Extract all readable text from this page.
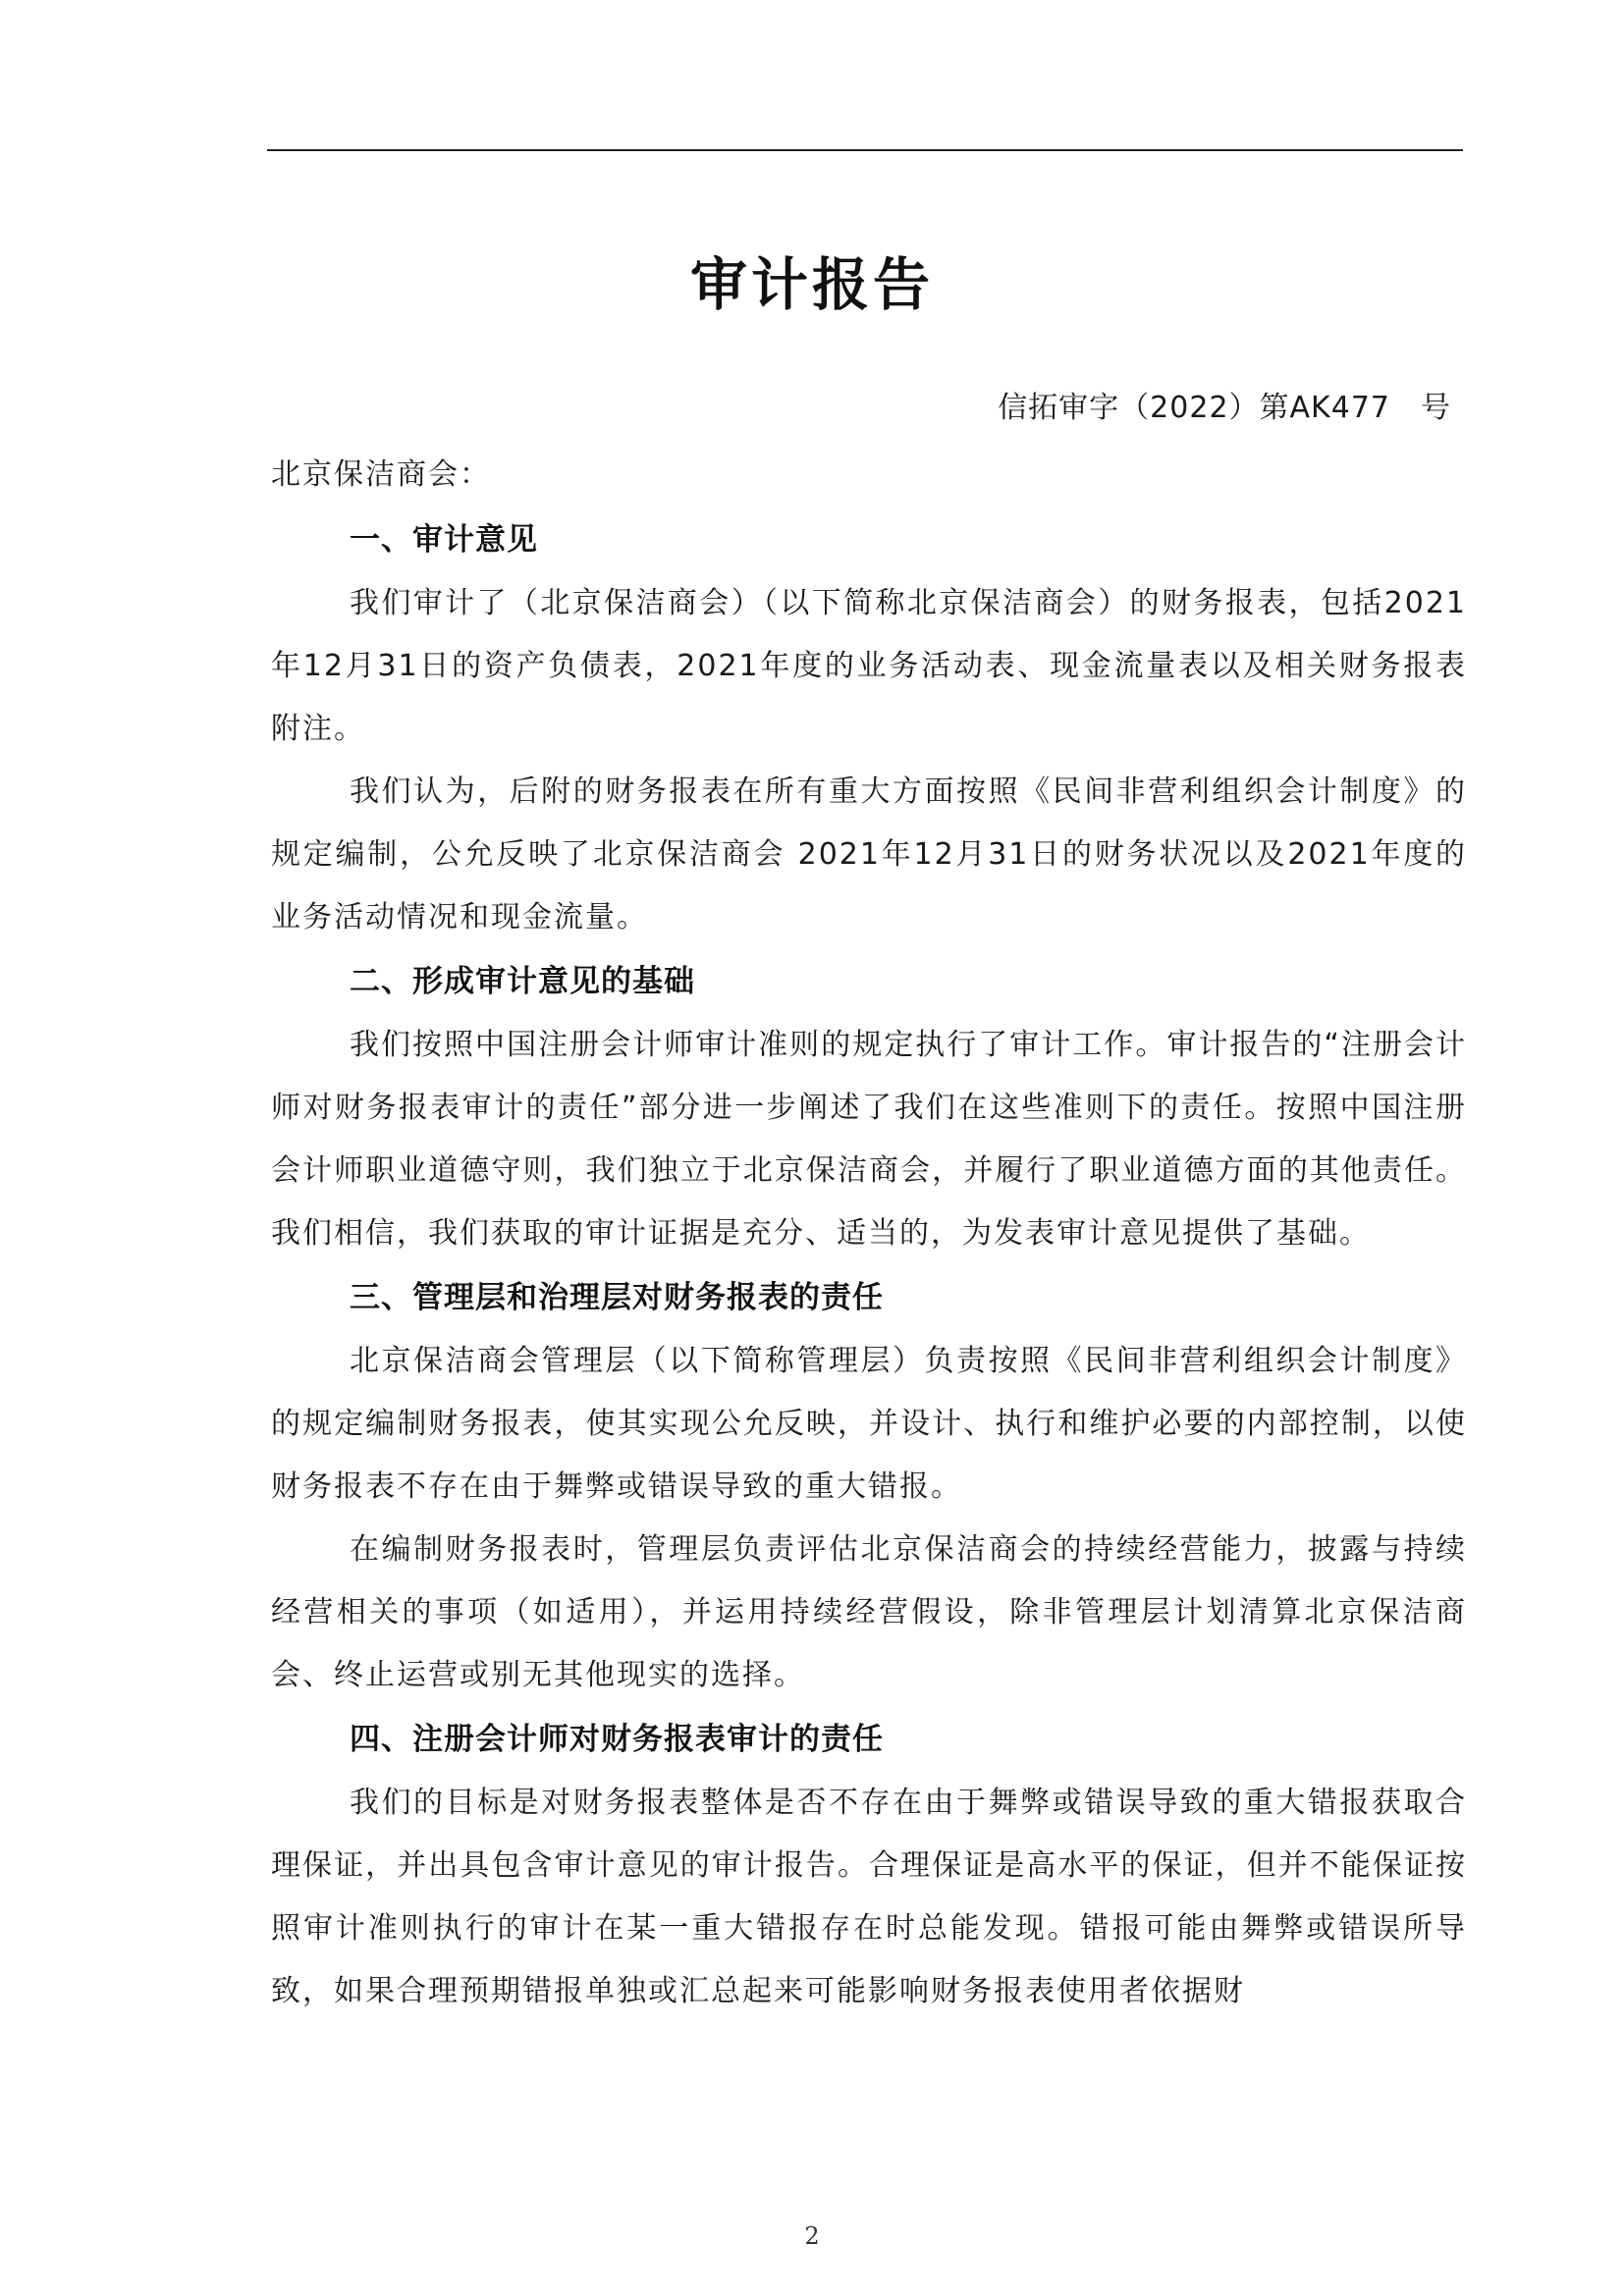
审计报告
信拓审字（2022）第AK477　号
北京保洁商会：

一、审计意见

我们审计了（北京保洁商会）（以下简称北京保洁商会）的财务报表，包括2021年12月31日的资产负债表，2021年度的业务活动表、现金流量表以及相关财务报表附注。

我们认为，后附的财务报表在所有重大方面按照《民间非营利组织会计制度》的规定编制，公允反映了北京保洁商会 2021年12月31日的财务状况以及2021年度的业务活动情况和现金流量。

二、形成审计意见的基础

我们按照中国注册会计师审计准则的规定执行了审计工作。审计报告的“注册会计师对财务报表审计的责任”部分进一步阐述了我们在这些准则下的责任。按照中国注册会计师职业道德守则，我们独立于北京保洁商会，并履行了职业道德方面的其他责任。我们相信，我们获取的审计证据是充分、适当的，为发表审计意见提供了基础。

三、管理层和治理层对财务报表的责任

北京保洁商会管理层（以下简称管理层）负责按照《民间非营利组织会计制度》的规定编制财务报表，使其实现公允反映，并设计、执行和维护必要的内部控制，以使财务报表不存在由于舞弊或错误导致的重大错报。

在编制财务报表时，管理层负责评估北京保洁商会的持续经营能力，披露与持续经营相关的事项（如适用），并运用持续经营假设，除非管理层计划清算北京保洁商会、终止运营或别无其他现实的选择。

四、注册会计师对财务报表审计的责任

我们的目标是对财务报表整体是否不存在由于舞弊或错误导致的重大错报获取合理保证，并出具包含审计意见的审计报告。合理保证是高水平的保证，但并不能保证按照审计准则执行的审计在某一重大错报存在时总能发现。错报可能由舞弊或错误所导致，如果合理预期错报单独或汇总起来可能影响财务报表使用者依据财

2
